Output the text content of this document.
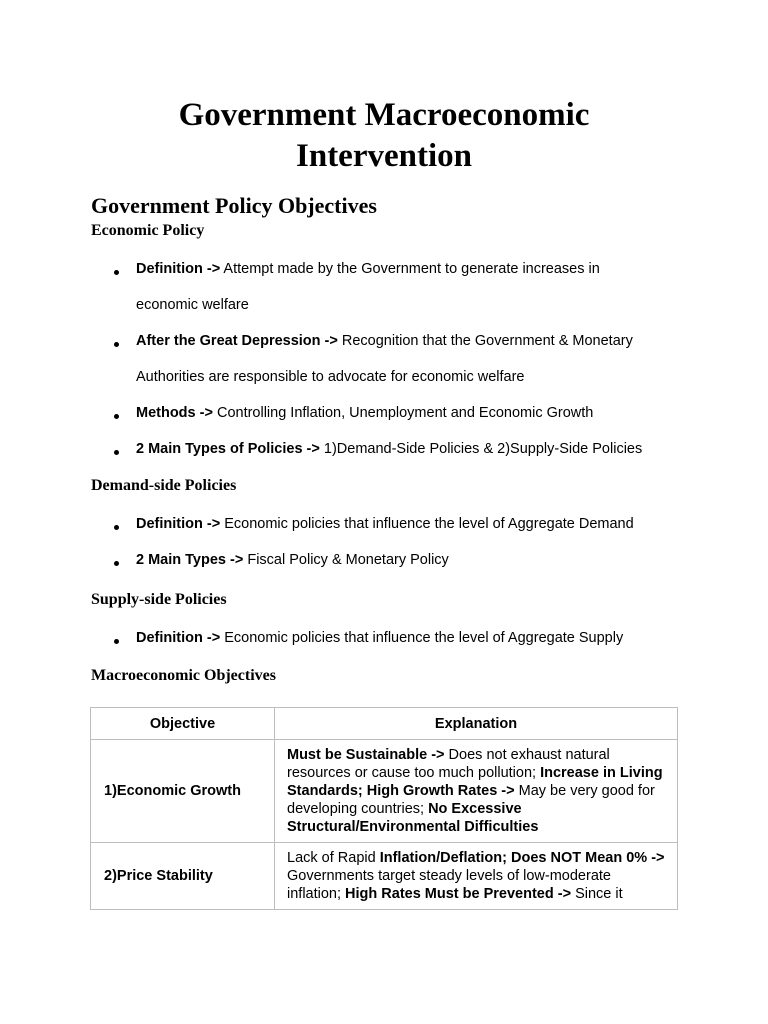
Government Macroeconomic
Intervention
Government Policy Objectives
Economic Policy
Definition -> Attempt made by the Government to generate increases in
economic welfare
After the Great Depression -> Recognition that the Government & Monetary
Authorities are responsible to advocate for economic welfare
Methods -> Controlling Inflation, Unemployment and Economic Growth
2 Main Types of Policies -> 1)Demand-Side Policies & 2)Supply-Side Policies
Demand-side Policies
Definition -> Economic policies that influence the level of Aggregate Demand
2 Main Types -> Fiscal Policy & Monetary Policy
Supply-side Policies
Definition -> Economic policies that influence the level of Aggregate Supply
Macroeconomic Objectives
Objective	Explanation
1)Economic Growth	Must be Sustainable -> Does not exhaust natural resources or cause too much pollution; Increase in Living Standards; High Growth Rates -> May be very good for developing countries; No Excessive Structural/Environmental Difficulties
2)Price Stability	Lack of Rapid Inflation/Deflation; Does NOT Mean 0% -> Governments target steady levels of low-moderate inflation; High Rates Must be Prevented -> Since it
